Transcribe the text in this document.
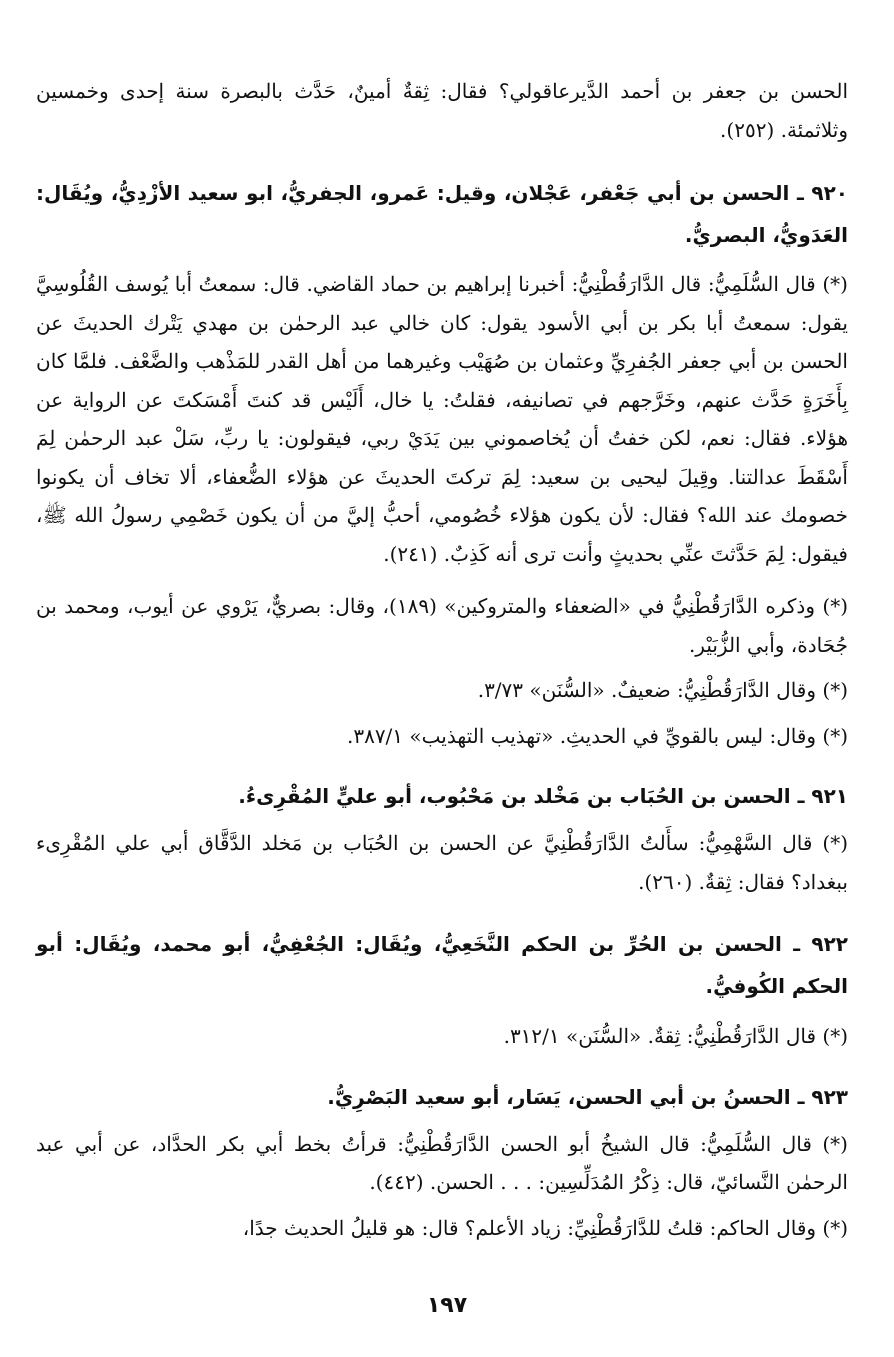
الحسن بن جعفر بن أحمد الدَّيرعاقولي؟ فقال: ثِقةٌ أمينٌ، حَدَّث بالبصرة سنة إحدى وخمسين وثلاثمئة. (٢٥٢).

٩٢٠ ـ الحسن بن أبي جَعْفر، عَجْلان، وقيل: عَمرو، الجفريُّ، ابو سعيد الأزْدِيُّ، ويُقَال: العَدَويُّ، البصريُّ.

(*) قال السُّلَمِيُّ: قال الدَّارَقُطْنِيُّ: أخبرنا إبراهيم بن حماد القاضي. قال: سمعتُ أبا يُوسف القُلُوسِيَّ يقول: سمعتُ أبا بكر بن أبي الأسود يقول: كان خالي عبد الرحمٰن بن مهدي يَتْرك الحديثَ عن الحسن بن أبي جعفر الجُفرِيِّ وعثمان بن صُهَيْب وغيرهما من أهل القدر للمَذْهب والضَّعْف. فلمَّا كان بِأَخَرَةٍ حَدَّث عنهم، وخَرَّجهم في تصانيفه، فقلتُ: يا خال، أَلَيْس قد كنتَ أَمْسَكتَ عن الرواية عن هؤلاء. فقال: نعم، لكن خفتُ أن يُخاصموني بين يَدَيْ ربي، فيقولون: يا ربِّ، سَلْ عبد الرحمٰن لِمَ أَسْقَطَ عدالتنا. وقِيلَ ليحيى بن سعيد: لِمَ تركتَ الحديثَ عن هؤلاء الضُّعفاء، ألا تخاف أن يكونوا خصومك عند الله؟ فقال: لأن يكون هؤلاء خُصُومي، أحبُّ إليَّ من أن يكون خَصْمِي رسولُ الله ﷺ، فيقول: لِمَ حَدَّثتَ عنِّي بحديثٍ وأنت ترى أنه كَذِبٌ. (٢٤١).

(*) وذكره الدَّارَقُطْنِيُّ في «الضعفاء والمتروكين» (١٨٩)، وقال: بصريٌّ، يَرْوي عن أيوب، ومحمد بن جُحَادة، وأبي الزُّبَيْر.

(*) وقال الدَّارَقُطْنِيُّ: ضعيفٌ. «السُّنَن» ٣/٧٣.

(*) وقال: ليس بالقويِّ في الحديثِ. «تهذيب التهذيب» ٣٨٧/١.

٩٢١ ـ الحسن بن الحُبَاب بن مَخْلد بن مَحْبُوب، أبو عليٍّ المُقْرِىءُ.

(*) قال السَّهْمِيُّ: سأَلتُ الدَّارَقُطْنِيَّ عن الحسن بن الحُبَاب بن مَخلد الدَّقَّاق أبي علي المُقْرِىء ببغداد؟ فقال: ثِقةٌ. (٢٦٠).

٩٢٢ ـ الحسن بن الحُرِّ بن الحكم النَّخَعِيُّ، ويُقَال: الجُعْفِيُّ، أبو محمد، ويُقَال: أبو الحكم الكُوفيُّ.

(*) قال الدَّارَقُطْنِيُّ: ثِقةٌ. «السُّنَن» ٣١٢/١.

٩٢٣ ـ الحسنُ بن أبي الحسن، يَسَار، أبو سعيد البَصْرِيُّ.

(*) قال السُّلَمِيُّ: قال الشيخُ أبو الحسن الدَّارَقُطْنِيُّ: قرأتُ بخط أبي بكر الحدَّاد، عن أبي عبد الرحمٰن النَّسائيّ، قال: ذِكْرُ المُدَلِّسِين: . . . الحسن. (٤٤٢).

(*) وقال الحاكم: قلتُ للدَّارَقُطْنِيِّ: زياد الأعلم؟ قال: هو قليلُ الحديث جدًا،

١٩٧
